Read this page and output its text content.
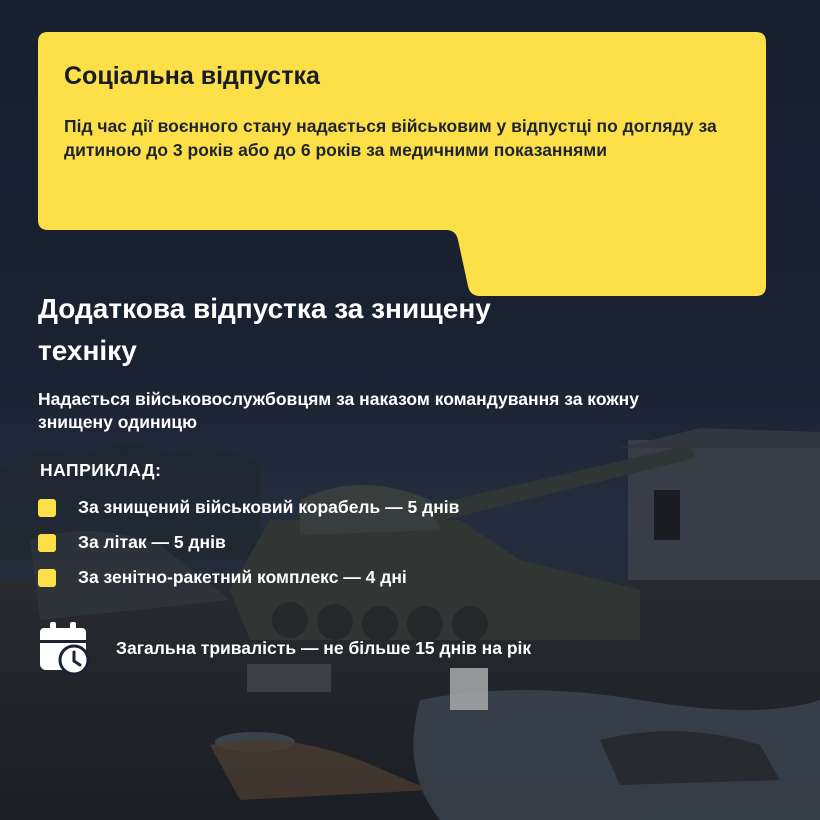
Соціальна відпустка

Під час дії воєнного стану надається військовим у відпустці по догляду за дитиною до 3 років або до 6 років за медичними показаннями

Додаткова відпустка за знищену техніку

Надається військовослужбовцям за наказом командування за кожну знищену одиницю

НАПРИКЛАД:
За знищений військовий корабель — 5 днів
За літак — 5 днів
За зенітно-ракетний комплекс — 4 дні
Загальна тривалість — не більше 15 днів на рік
